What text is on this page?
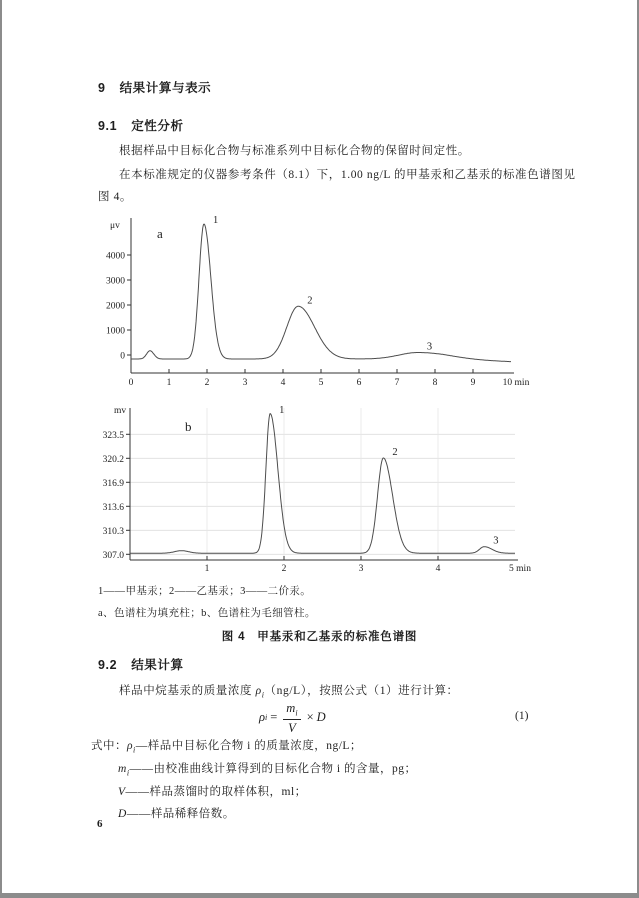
9 结果计算与表示
9.1 定性分析
根据样品中目标化合物与标准系列中目标化合物的保留时间定性。
在本标准规定的仪器参考条件（8.1）下，1.00 ng/L 的甲基汞和乙基汞的标准色谱图见
图 4。
0
1000
2000
3000
4000
0	1	2	3	4	5	6	7	8	9	10 min
μv	a
1
2
3
307.0
310.3
313.6
316.9
320.2
323.5
1	2	3	4	5 min
mv
b
1
2
3
1——甲基汞；2——乙基汞；3——二价汞。
a、色谱柱为填充柱；b、色谱柱为毛细管柱。
图 4 甲基汞和乙基汞的标准色谱图
9.2 结果计算
样品中烷基汞的质量浓度 $\rho_i(ng/L)$，按照公式（1）进行计算：
ρ $i = \frac{m_i}{V} \times D$	(1)
式中：$\rho_i—$样品中目标化合物 i 的质量浓度，ng/L；
$m_i——$由校准曲线计算得到的目标化合物 i 的含量，pg；
V——样品蒸馏时的取样体积，ml；
D——样品稀释倍数。
6
